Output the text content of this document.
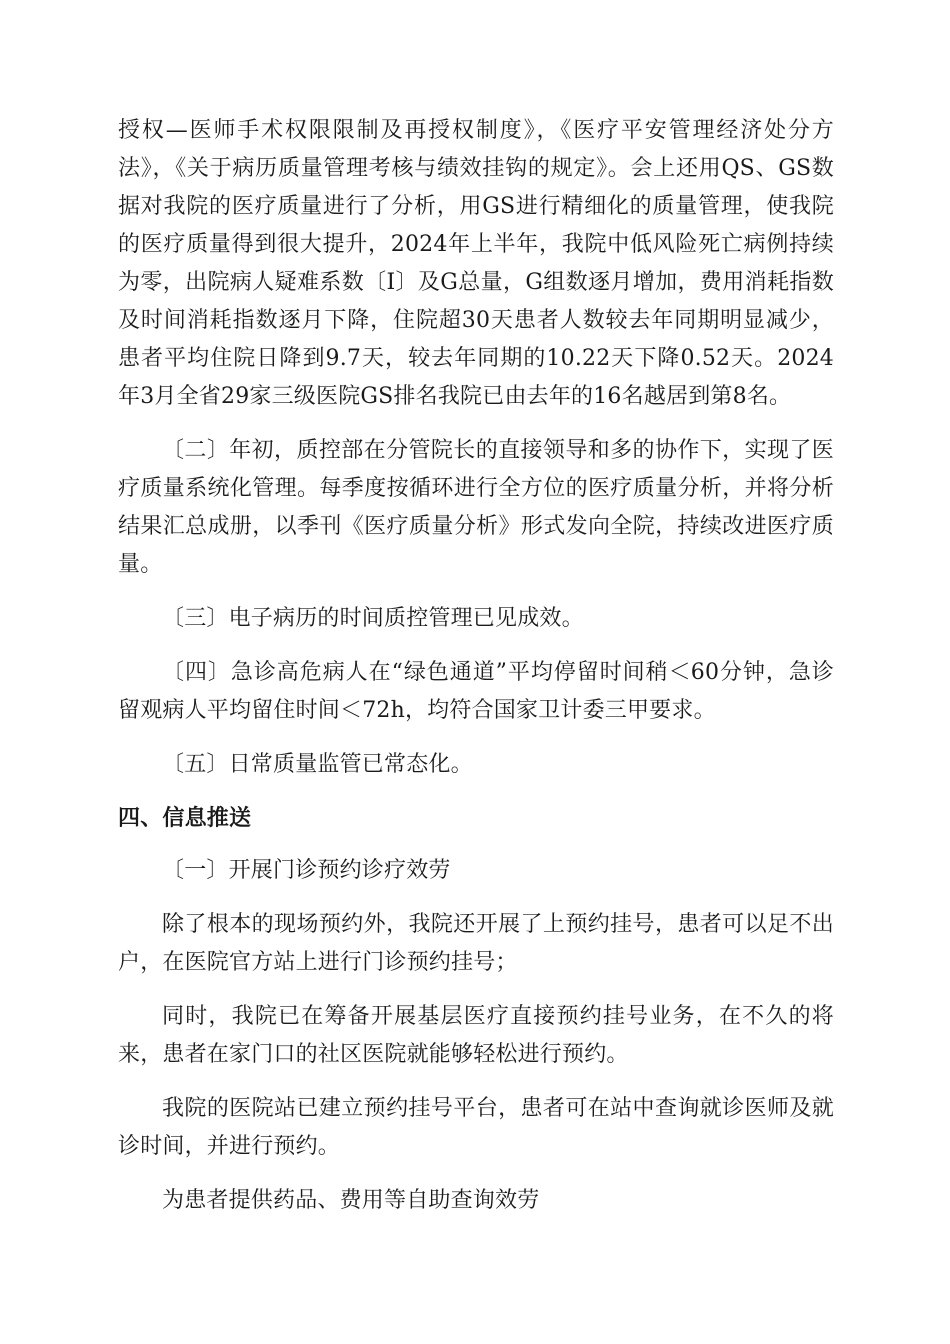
授权—医师手术权限限制及再授权制度》，《医疗平安管理经济处分方法》，《关于病历质量管理考核与绩效挂钩的规定》。会上还用QS、GS数据对我院的医疗质量进行了分析，用GS进行精细化的质量管理，使我院的医疗质量得到很大提升，2024年上半年，我院中低风险死亡病例持续为零，出院病人疑难系数〔I〕及G总量，G组数逐月增加，费用消耗指数及时间消耗指数逐月下降，住院超30天患者人数较去年同期明显减少，患者平均住院日降到9.7天，较去年同期的10.22天下降0.52天。2024年3月全省29家三级医院GS排名我院已由去年的16名越居到第8名。

〔二〕年初，质控部在分管院长的直接领导和多的协作下，实现了医疗质量系统化管理。每季度按循环进行全方位的医疗质量分析，并将分析结果汇总成册，以季刊《医疗质量分析》形式发向全院，持续改进医疗质量。

〔三〕电子病历的时间质控管理已见成效。

〔四〕急诊高危病人在“绿色通道”平均停留时间稍＜60分钟，急诊留观病人平均留住时间＜72h，均符合国家卫计委三甲要求。

〔五〕日常质量监管已常态化。

四、信息推送

〔一〕开展门诊预约诊疗效劳

除了根本的现场预约外，我院还开展了上预约挂号，患者可以足不出户，在医院官方站上进行门诊预约挂号；

同时，我院已在筹备开展基层医疗直接预约挂号业务，在不久的将来，患者在家门口的社区医院就能够轻松进行预约。

我院的医院站已建立预约挂号平台，患者可在站中查询就诊医师及就诊时间，并进行预约。

为患者提供药品、费用等自助查询效劳
